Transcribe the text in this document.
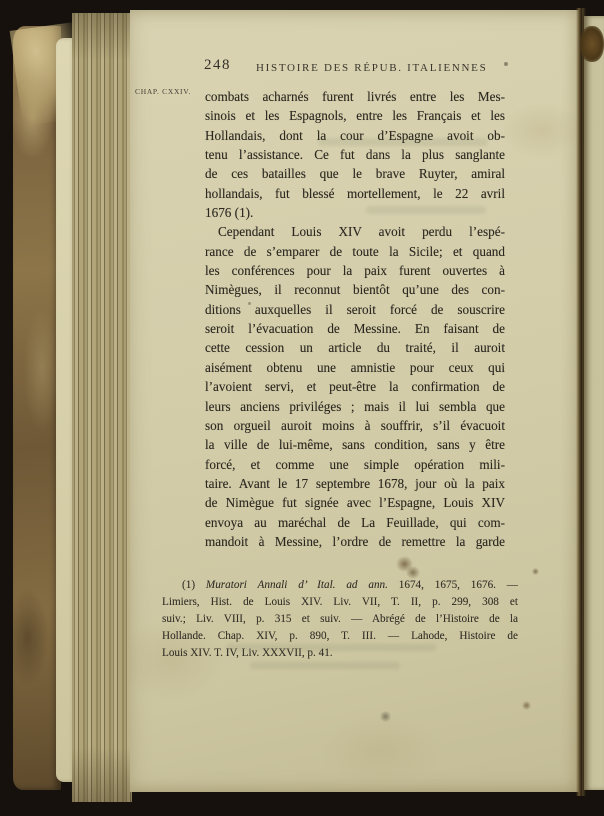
248 HISTOIRE DES RÉPUB. ITALIENNES
CHAP. CXXIV. combats acharnés furent livrés entre les Mes-
sinois et les Espagnols, entre les Français et les
Hollandais, dont la cour d’Espagne avoit ob-
tenu l’assistance. Ce fut dans la plus sanglante
de ces batailles que le brave Ruyter, amiral
hollandais, fut blessé mortellement, le 22 avril
1676 (1).
Cependant Louis XIV avoit perdu l’espé-
rance de s’emparer de toute la Sicile; et quand
les conférences pour la paix furent ouvertes à
Nimègues, il reconnut bientôt qu’une des con-
ditions auxquelles il seroit forcé de souscrire
seroit l’évacuation de Messine. En faisant de
cette cession un article du traité, il auroit
aisément obtenu une amnistie pour ceux qui
l’avoient servi, et peut-être la confirmation de
leurs anciens priviléges ; mais il lui sembla que
son orgueil auroit moins à souffrir, s’il évacuoit
la ville de lui-même, sans condition, sans y être
forcé, et comme une simple opération mili-
taire. Avant le 17 septembre 1678, jour où la paix
de Nimègue fut signée avec l’Espagne, Louis XIV
envoya au maréchal de La Feuillade, qui com-
mandoit à Messine, l’ordre de remettre la garde
(1) Muratori Annali d’ Ital. ad ann. 1674, 1675, 1676. —
Limiers, Hist. de Louis XIV. Liv. VII, T. II, p. 299, 308 et
suiv.; Liv. VIII, p. 315 et suiv. — Abrégé de l’Histoire de la
Hollande. Chap. XIV, p. 890, T. III. — Lahode, Histoire de
Louis XIV. T. IV, Liv. XXXVII, p. 41.
